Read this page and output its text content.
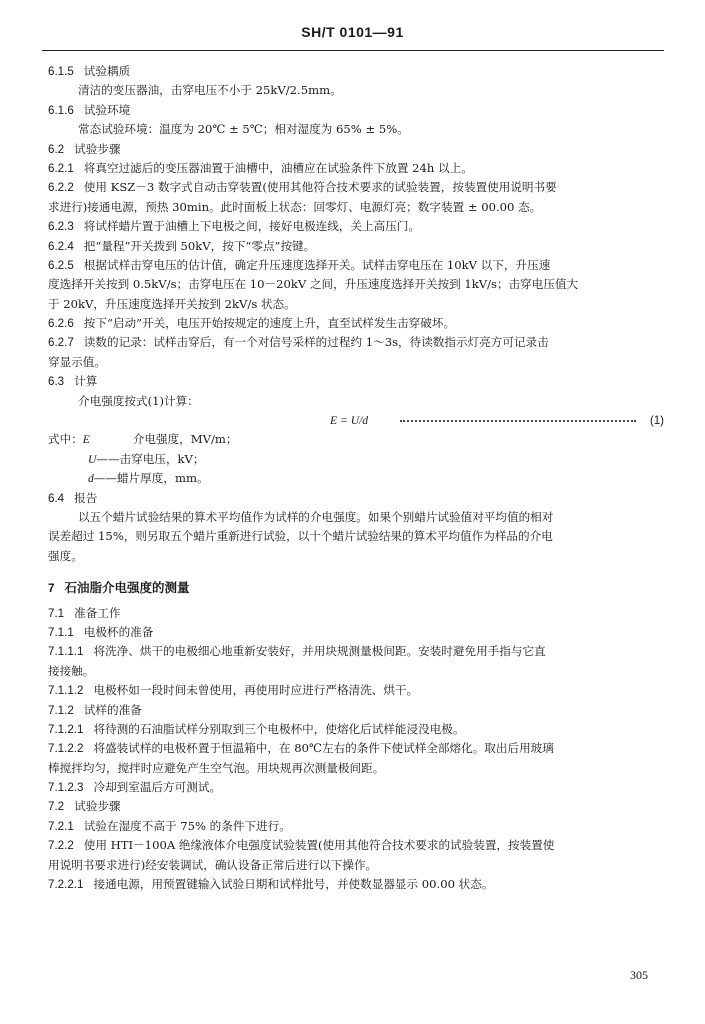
SH/T 0101—91
6.1.5 试验耦质
清洁的变压器油，击穿电压不小于 25kV/2.5mm。
6.1.6 试验环境
常态试验环境：温度为 20℃ ± 5℃；相对湿度为 65% ± 5%。
6.2 试验步骤
6.2.1 将真空过滤后的变压器油置于油槽中，油槽应在试验条件下放置 24h 以上。
6.2.2 使用 KSZ－3 数字式自动击穿装置(使用其他符合技术要求的试验装置，按装置使用说明书要
求进行)接通电源，预热 30min。此时面板上状态：回零灯、电源灯亮；数字装置 ± 00.00 态。
6.2.3 将试样蜡片置于油槽上下电极之间，接好电极连线，关上高压门。
6.2.4 把“量程”开关拨到 50kV，按下“零点”按键。
6.2.5 根据试样击穿电压的估计值，确定升压速度选择开关。试样击穿电压在 10kV 以下，升压速
度选择开关按到 0.5kV/s；击穿电压在 10－20kV 之间，升压速度选择开关按到 1kV/s；击穿电压值大
于 20kV，升压速度选择开关按到 2kV/s 状态。
6.2.6 按下“启动”开关，电压开始按规定的速度上升，直至试样发生击穿破坏。
6.2.7 读数的记录：试样击穿后，有一个对信号采样的过程约 1～3s，待读数指示灯亮方可记录击
穿显示值。
6.3 计算
介电强度按式(1)计算：
E = U/d	(1)
式中：E	介电强度，MV/m；
U——击穿电压，kV；
d——蜡片厚度，mm。
6.4 报告
以五个蜡片试验结果的算术平均值作为试样的介电强度。如果个别蜡片试验值对平均值的相对
误差超过 15%，则另取五个蜡片重新进行试验，以十个蜡片试验结果的算术平均值作为样品的介电
强度。
7 石油脂介电强度的测量
7.1 准备工作
7.1.1 电极杯的准备
7.1.1.1 将洗净、烘干的电极细心地重新安装好，并用块规测量极间距。安装时避免用手指与它直
接接触。
7.1.1.2 电极杯如一段时间未曾使用，再使用时应进行严格清洗、烘干。
7.1.2 试样的准备
7.1.2.1 将待测的石油脂试样分别取到三个电极杯中，使熔化后试样能浸没电极。
7.1.2.2 将盛装试样的电极杯置于恒温箱中，在 80℃左右的条件下使试样全部熔化。取出后用玻璃
棒搅拌均匀，搅拌时应避免产生空气泡。用块规再次测量极间距。
7.1.2.3 冷却到室温后方可测试。
7.2 试验步骤
7.2.1 试验在湿度不高于 75% 的条件下进行。
7.2.2 使用 HTI－100A 绝缘液体介电强度试验装置(使用其他符合技术要求的试验装置，按装置使
用说明书要求进行)经安装调试，确认设备正常后进行以下操作。
7.2.2.1 接通电源，用预置键输入试验日期和试样批号，并使数显器显示 00.00 状态。
305
